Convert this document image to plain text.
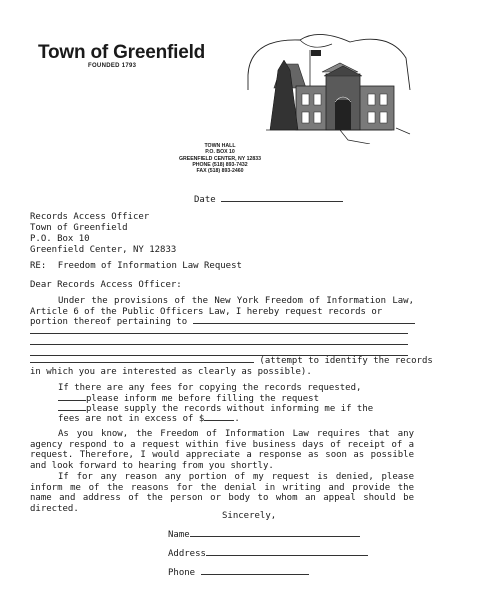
Town of Greenfield
FOUNDED 1793
TOWN HALL
P.O. BOX 10
GREENFIELD CENTER, NY 12833
PHONE (518) 893-7432
FAX (518) 893-2460
Date
Records Access Officer
Town of Greenfield
P.O. Box 10
Greenfield Center, NY 12833
RE: Freedom of Information Law Request
Dear Records Access Officer:

Under the provisions of the New York Freedom of Information Law, Article 6 of the Public Officers Law, I hereby request records or

portion thereof pertaining to
(attempt to identify the records
in which you are interested as clearly as possible).
If there are any fees for copying the records requested,
please inform me before filling the request
please supply the records without informing me if the
fees are not in excess of $	.

As you know, the Freedom of Information Law requires that any agency respond to a request within five business days of receipt of a request. Therefore, I would appreciate a response as soon as possible and look forward to hearing from you shortly.

If for any reason any portion of my request is denied, please inform me of the reasons for the denial in writing and provide the name and address of the person or body to whom an appeal should be directed.

Sincerely,
Name
Address
Phone
